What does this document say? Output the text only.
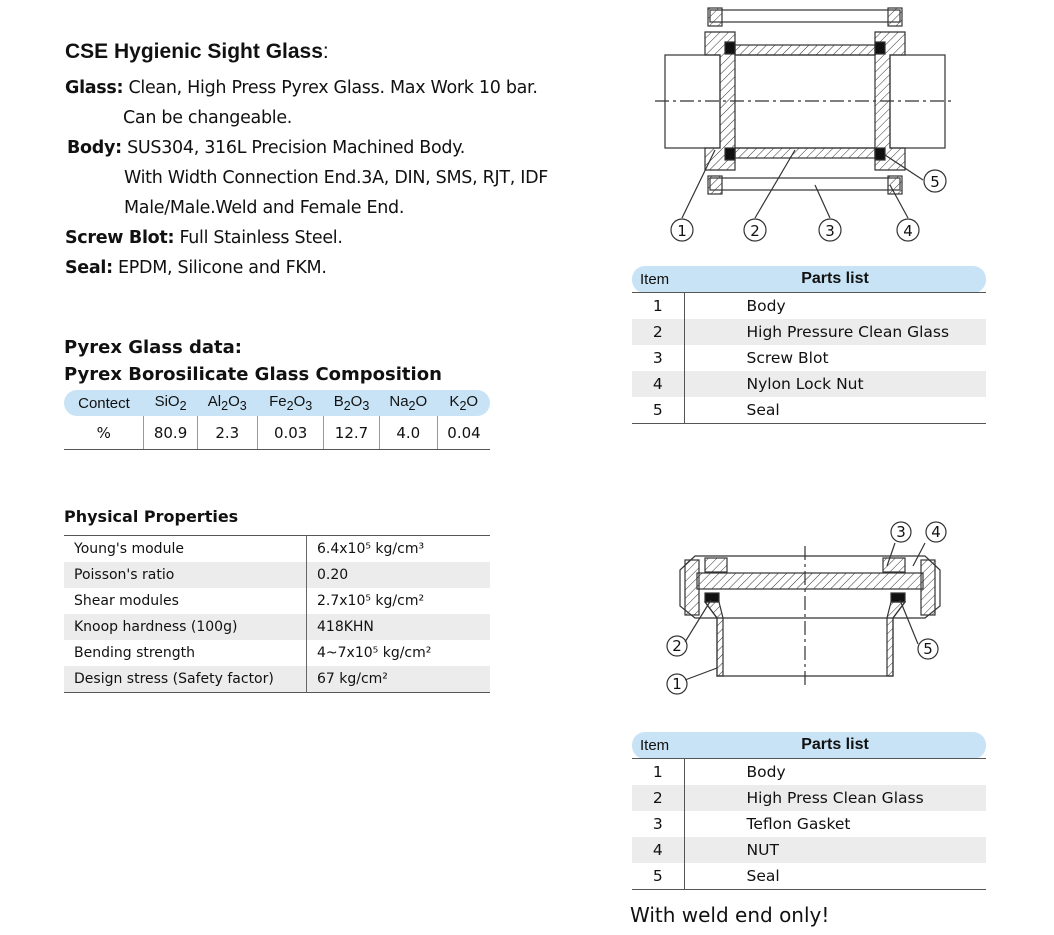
CSE Hygienic Sight Glass:
Glass: Clean, High Press Pyrex Glass. Max Work 10 bar.
Can be changeable.
Body: SUS304, 316L Precision Machined Body.
With Width Connection End.3A, DIN, SMS, RJT, IDF
Male/Male.Weld and Female End.
Screw Blot: Full Stainless Steel.
Seal: EPDM, Silicone and FKM.
Pyrex Glass data:
Pyrex Borosilicate Glass Composition
Contect	SiO$_2$	$Al_2O_3$	$Fe_2O_3$	$B_2O_3$	$Na_2O$	$K_2O$
%	80.9	2.3	0.03	12.7	4.0	0.04
Physical Properties
Young's module	6.4x10⁵ kg/cm³
Poisson's ratio	0.20
Shear modules	2.7x10⁵ kg/cm²
Knoop hardness (100g)	418KHN
Bending strength	4~7x10⁵ kg/cm²
Design stress (Safety factor)	67 kg/cm²
1	2	3	4
5
Item	Parts list
1	Body
2	High Pressure Clean Glass
3	Screw Blot
4	Nylon Lock Nut
5	Seal
1
2
3 4
5
Item	Parts list
1	Body
2	High Press Clean Glass
3	Teflon Gasket
4	NUT
5	Seal
With weld end only!
